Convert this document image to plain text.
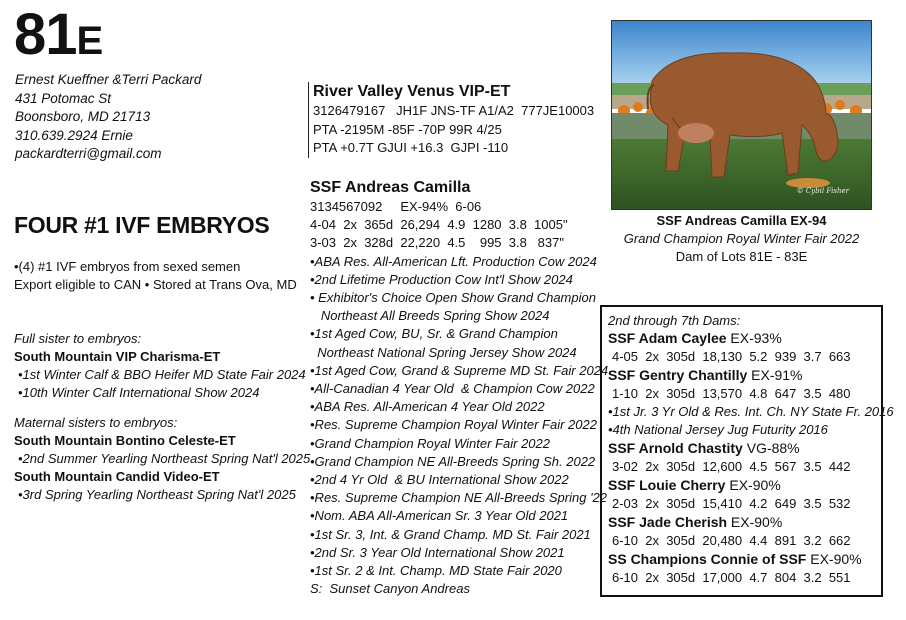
81E
Ernest Kueffner &Terri Packard
431 Potomac St
Boonsboro, MD 21713
310.639.2924 Ernie
packardterri@gmail.com
FOUR #1 IVF EMBRYOS
•(4) #1 IVF embryos from sexed semen
Export eligible to CAN • Stored at Trans Ova, MD
Full sister to embryos:
South Mountain VIP Charisma-ET
•1st Winter Calf & BBO Heifer MD State Fair 2024
•10th Winter Calf International Show 2024
Maternal sisters to embryos:
South Mountain Bontino Celeste-ET
•2nd Summer Yearling Northeast Spring Nat'l 2025
South Mountain Candid Video-ET
•3rd Spring Yearling Northeast Spring Nat'l 2025
River Valley Venus VIP-ET
3126479167   JH1F JNS-TF A1/A2  777JE10003
PTA -2195M -85F -70P 99R 4/25
PTA +0.7T GJUI +16.3  GJPI -110
SSF Andreas Camilla
3134567092     EX-94%  6-06
4-04  2x  365d  26,294  4.9  1280  3.8  1005"
3-03  2x  328d  22,220  4.5    995  3.8   837"
•ABA Res. All-American Lft. Production Cow 2024
•2nd Lifetime Production Cow Int'l Show 2024
• Exhibitor's Choice Open Show Grand Champion
Northeast All Breeds Spring Show 2024
•1st Aged Cow, BU, Sr. & Grand Champion
Northeast National Spring Jersey Show 2024
•1st Aged Cow, Grand & Supreme MD St. Fair 2024
•All-Canadian 4 Year Old  & Champion Cow 2022
•ABA Res. All-American 4 Year Old 2022
•Res. Supreme Champion Royal Winter Fair 2022
•Grand Champion Royal Winter Fair 2022
•Grand Champion NE All-Breeds Spring Sh. 2022
•2nd 4 Yr Old  & BU International Show 2022
•Res. Supreme Champion NE All-Breeds Spring '22
•Nom. ABA All-American Sr. 3 Year Old 2021
•1st Sr. 3, Int. & Grand Champ. MD St. Fair 2021
•2nd Sr. 3 Year Old International Show 2021
•1st Sr. 2 & Int. Champ. MD State Fair 2020
S:  Sunset Canyon Andreas
© Cybil Fisher
SSF Andreas Camilla EX-94
Grand Champion Royal Winter Fair 2022
Dam of Lots 81E - 83E
2nd through 7th Dams:
SSF Adam Caylee EX-93%
4-05  2x  305d  18,130  5.2  939  3.7  663
SSF Gentry Chantilly EX-91%
1-10  2x  305d  13,570  4.8  647  3.5  480
•1st Jr. 3 Yr Old & Res. Int. Ch. NY State Fr. 2016
•4th National Jersey Jug Futurity 2016
SSF Arnold Chastity VG-88%
3-02  2x  305d  12,600  4.5  567  3.5  442
SSF Louie Cherry EX-90%
2-03  2x  305d  15,410  4.2  649  3.5  532
SSF Jade Cherish EX-90%
6-10  2x  305d  20,480  4.4  891  3.2  662
SS Champions Connie of SSF EX-90%
6-10  2x  305d  17,000  4.7  804  3.2  551
